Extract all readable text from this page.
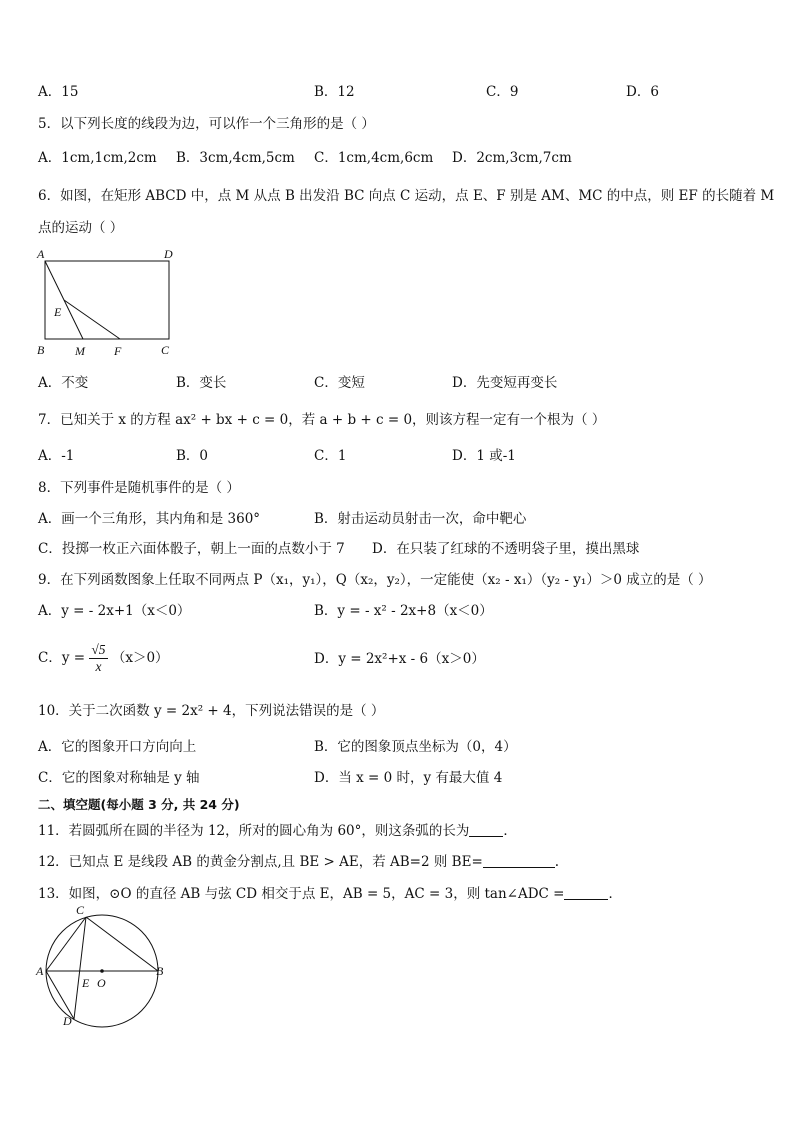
A．15	B．12	C．9	D．6
5．以下列长度的线段为边，可以作一个三角形的是（ ）
A．1cm,1cm,2cm B．3cm,4cm,5cm C．1cm,4cm,6cm D．2cm,3cm,7cm
6．如图，在矩形 ABCD 中，点 M 从点 B 出发沿 BC 向点 C 运动，点 E、F 别是 AM、MC 的中点，则 EF 的长随着 M
点的运动（ ）
A	D
E
B	M F	C
A．不变	B．变长	C．变短	D．先变短再变长
7．已知关于 x 的方程 ax² + bx + c = 0，若 a + b + c = 0，则该方程一定有一个根为（ ）
A．-1	B．0	C．1	D．1 或-1
8．下列事件是随机事件的是（ ）
A．画一个三角形，其内角和是 360°	B．射击运动员射击一次，命中靶心
C．投掷一枚正六面体骰子，朝上一面的点数小于 7 D．在只装了红球的不透明袋子里，摸出黑球
9．在下列函数图象上任取不同两点 P（x₁，y₁），Q（x₂，y₂），一定能使（x₂ - x₁）（y₂ - y₁）＞0 成立的是（ ）
A．y = - 2x+1（x＜0）	B．y = - x² - 2x+8（x＜0）
C．$y = \frac{√5}{x} (x>0)$	D．y = 2x²+x - 6（x＞0）
10．关于二次函数 y = 2x² + 4，下列说法错误的是（ ）
A．它的图象开口方向向上	B．它的图象顶点坐标为（0，4）
C．它的图象对称轴是 y 轴	D．当 x = 0 时，y 有最大值 4
二、填空题(每小题 3 分, 共 24 分)
11．若圆弧所在圆的半径为 12，所对的圆心角为 60°，则这条弧的长为	．
12．已知点 E 是线段 AB 的黄金分割点,且 BE > AE，若 AB=2 则 BE=	.
13．如图，⊙O 的直径 AB 与弦 CD 相交于点 E，AB = 5，AC = 3，则 tan∠ADC =	．
C
A	B
E O
D
